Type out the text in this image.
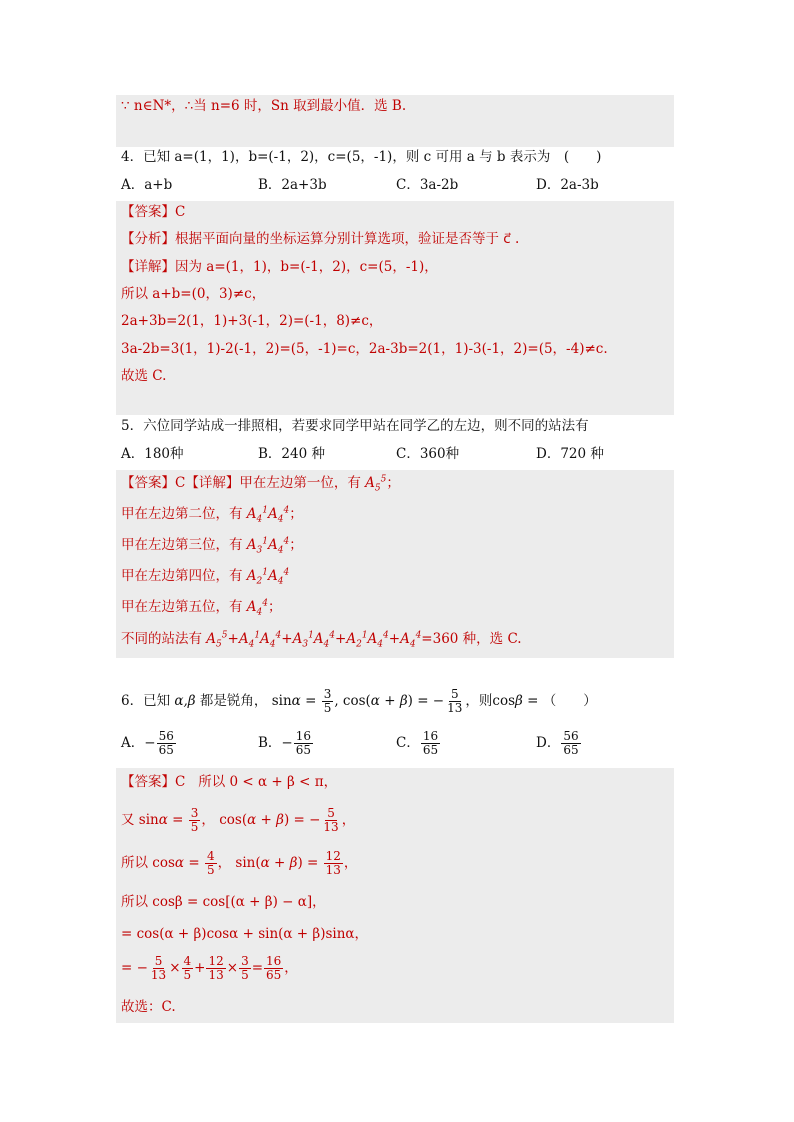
∵ n∈N*，∴当 n=6 时，Sn 取到最小值．选 B.
4．已知 a=(1，1)，b=(-1，2)，c=(5，-1)，则 c 可用 a 与 b 表示为　(　　)
A．a+b	B．2a+3b	C．3a-2b	D．2a-3b
【答案】C
【分析】根据平面向量的坐标运算分别计算选项，验证是否等于 c⃗ .
【详解】因为 a=(1，1)，b=(-1，2)，c=(5，-1)，
所以 a+b=(0，3)≠c，
2a+3b=2(1，1)+3(-1，2)=(-1，8)≠c，
3a-2b=3(1，1)-2(-1，2)=(5，-1)=c，2a-3b=2(1，1)-3(-1，2)=(5，-4)≠c.
故选 C.
5．六位同学站成一排照相，若要求同学甲站在同学乙的左边，则不同的站法有
A．180种	B．240 种	C．360种	D．720 种
【答案】C【详解】甲在左边第一位，有 $A_5^5$；
甲在左边第二位，有 $A_4^1A_4^4$；
甲在左边第三位，有 $A_3^1A_4^4$；
甲在左边第四位，有 $A_2^1A_4^4$
甲在左边第五位，有 $A_4^4$；
不同的站法有 $A_5^5+A_4^1A_4^4+A_3^1A_4^4+A_2^1A_4^4+A_4^4=360$ 种，选 C.
6．已知 α,β 都是锐角， $\sin\alpha = \frac{3}{5}$ , cos(α + β) = − $\frac{5}{13}$ ，则cosβ = （　　）
A．− $\frac{56}{65}$	B．− $\frac{16}{65}$	C． $\frac{16}{65}$	D． $\frac{56}{65}$
【答案】C 所以 0 < α + β < π，
又 $\sin\alpha = \frac{3}{5}$ ， cos(α + β) = − $\frac{5}{13}$ ，
所以 $\cos\alpha = \frac{4}{5}$ ， $\sin(\alpha + \beta) = \frac{12}{13}$ ，
所以 cosβ = cos[(α + β) − α]，
= cos(α + β)cosα + sin(α + β)sinα，
= − $\frac{5}{13} \times \frac{4}{5} + \frac{12}{13} \times \frac{3}{5} = \frac{16}{65}$ ，
故选：C.
